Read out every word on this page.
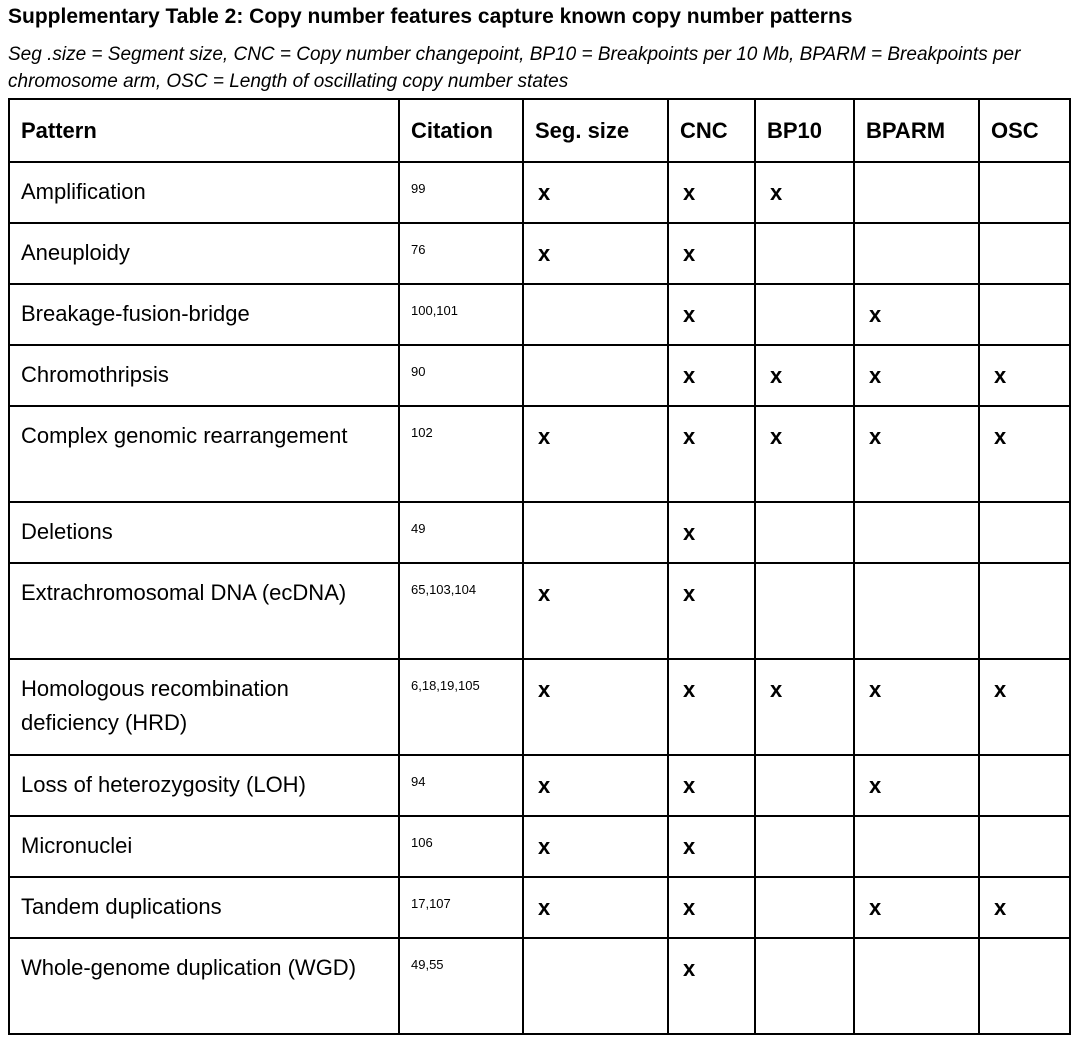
Supplementary Table 2: Copy number features capture known copy number patterns
Seg .size = Segment size, CNC = Copy number changepoint, BP10 = Breakpoints per 10 Mb, BPARM = Breakpoints per chromosome arm, OSC = Length of oscillating copy number states
Pattern	Citation	Seg. size	CNC	BP10	BPARM	OSC
Amplification	99	x	x	x		
Aneuploidy	76	x	x			
Breakage-fusion-bridge	100,101		x		x	
Chromothripsis	90		x	x	x	x
Complex genomic rearrangement	102	x	x	x	x	x
Deletions	49		x			
Extrachromosomal DNA (ecDNA)	65,103,104	x	x			
Homologous recombination deficiency (HRD)	6,18,19,105	x	x	x	x	x
Loss of heterozygosity (LOH)	94	x	x		x	
Micronuclei	106	x	x			
Tandem duplications	17,107	x	x		x	x
Whole-genome duplication (WGD)	49,55		x			
